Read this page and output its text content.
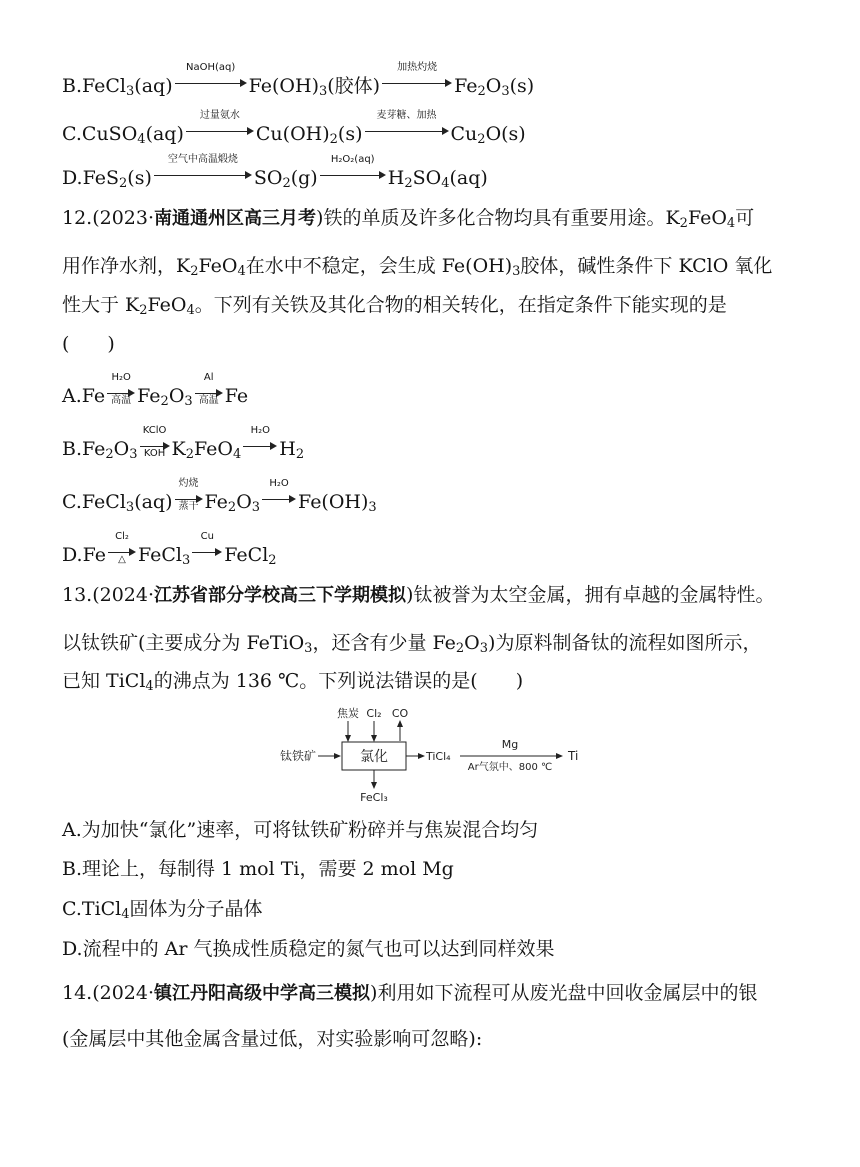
B.FeCl$_3$(aq)
NaOH(aq)
$Fe(OH)_3$(胶体)
加热灼烧
$Fe_2O_3(s)$
C.CuSO$_4$(aq)
过量氨水
$Cu(OH)_2(s)$
麦芽糖、加热
$Cu_2O(s)$
D.FeS$_2$(s)
空气中高温煅烧
$SO_2(g)$
H₂O₂(aq)
$H_2SO_4(aq)$
12.(2023·南通通州区高三月考)铁的单质及许多化合物均具有重要用途。$K_2FeO_4$可
用作净水剂，$K_2FeO_4$在水中不稳定，会生成 $Fe(OH)_3$胶体，碱性条件下 KClO 氧化
性大于 $K_2FeO_4$。下列有关铁及其化合物的相关转化，在指定条件下能实现的是
(　　)
A.Fe
H₂O
高温 $Fe_2O_3$
Al
高温 Fe
$B.Fe_2O_3$
KClO
KOH $K_2FeO_4$
H₂O
$H_2$
C.FeCl$_3$(aq)
灼烧
蒸干 $Fe_2O_3$
H₂O
$Fe(OH)_3$
D.Fe
Cl₂
△ FeCl$_3$
Cu
FeCl$_2$
13.(2024·江苏省部分学校高三下学期模拟)钛被誉为太空金属，拥有卓越的金属特性。
以钛铁矿(主要成分为 FeTiO$_3$，还含有少量 $Fe_2O_3$)为原料制备钛的流程如图所示，
已知 TiCl$_4$的沸点为 136 ℃。下列说法错误的是(　　)
钛铁矿	氯化
焦炭 Cl₂ CO
TiCl₄
Mg
Ar气氛中、800 ℃
Ti
FeCl₃
A.为加快“氯化”速率，可将钛铁矿粉碎并与焦炭混合均匀
B.理论上，每制得 1 mol Ti，需要 2 mol Mg
C.TiCl$_4$固体为分子晶体
D.流程中的 Ar 气换成性质稳定的氮气也可以达到同样效果
14.(2024·镇江丹阳高级中学高三模拟)利用如下流程可从废光盘中回收金属层中的银
(金属层中其他金属含量过低，对实验影响可忽略):
